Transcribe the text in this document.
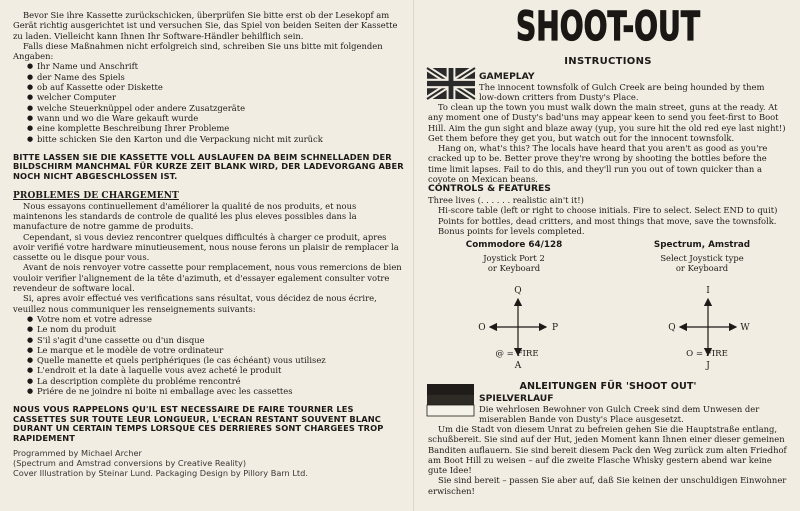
Bevor Sie ihre Kassette zurückschicken, überprüfen Sie bitte erst ob der Lesekopf am Gerät richtig ausgerichtet ist und versuchen Sie, das Spiel von beiden Seiten der Kassette zu laden. Vielleicht kann Ihnen Ihr Software-Händler behilflich sein.

Falls diese Maßnahmen nicht erfolgreich sind, schreiben Sie uns bitte mit folgenden Angaben:

● Ihr Name und Anschrift
● der Name des Spiels
● ob auf Kassette oder Diskette
● welcher Computer
● welche Steuerknüppel oder andere Zusatzgeräte
● wann und wo die Ware gekauft wurde
● eine komplette Beschreibung Ihrer Probleme
● bitte schicken Sie den Karton und die Verpackung nicht mit zurück

BITTE LASSEN SIE DIE KASSETTE VOLL AUSLAUFEN DA BEIM SCHNELLADEN DER BILDSCHIRM MANCHMAL FÜR KURZE ZEIT BLANK WIRD, DER LADEVORGANG ABER NOCH NICHT ABGESCHLOSSEN IST.

PROBLEMES DE CHARGEMENT

Nous essayons continuellement d'améliorer la qualité de nos produits, et nous maintenons les standards de controle de qualité les plus eleves possibles dans la manufacture de notre gamme de produits.

Cependant, si vous deviez rencontrer quelques difficultés à charger ce produit, apres avoir verifié votre hardware minutieusement, nous nouse ferons un plaisir de remplacer la cassette ou le disque pour vous.

Avant de nois renvoyer votre cassette pour remplacement, nous vous remercions de bien vouloir verifier l'alignement de la tête d'azimuth, et d'essayer egalement consulter votre revendeur de software local.

Si, apres avoir effectué ves verifications sans résultat, vous décidez de nous écrire, veuillez nous communiquer les renseignements suivants:

● Votre nom et votre adresse
● Le nom du produit
● S'il s'agit d'une cassette ou d'un disque
● Le marque et le modèle de votre ordinateur
● Quelle manette et quels periphériques (le cas échéant) vous utilisez
● L'endroit et la date à laquelle vous avez acheté le produit
● La description complète du probléme rencontré
● Priére de ne joindre ni boite ni emballage avec les cassettes

NOUS VOUS RAPPELONS QU'IL EST NECESSAIRE DE FAIRE TOURNER LES CASSETTES SUR TOUTE LEUR LONGUEUR, L'ECRAN RESTANT SOUVENT BLANC DURANT UN CERTAIN TEMPS LORSQUE CES DERRIERES SONT CHARGEES TROP RAPIDEMENT

Programmed by Michael Archer

(Spectrum and Amstrad conversions by Creative Reality)

Cover Illustration by Steinar Lund. Packaging Design by Pillory Barn Ltd.

SHOOT-OUT
INSTRUCTIONS
GAMEPLAY

The innocent townsfolk of Gulch Creek are being hounded by them low-down critters from Dusty's Place.

To clean up the town you must walk down the main street, guns at the ready. At any moment one of Dusty's bad'uns may appear keen to send you feet-first to Boot Hill. Aim the gun sight and blaze away (yup, you sure hit the old red eye last night!) Get them before they get you, but watch out for the innocent townsfolk.

Hang on, what's this? The locals have heard that you aren't as good as you're cracked up to be. Better prove they're wrong by shooting the bottles before the time limit lapses. Fail to do this, and they'll run you out of town quicker than a coyote on Mexican beans.

CONTROLS & FEATURES

Three lives (. . . . . . realistic ain't it!)

Hi-score table (left or right to choose initials. Fire to select. Select END to quit)

Points for bottles, dead critters, and most things that move, save the townsfolk.

Bonus points for levels completed.

Commodore 64/128
Joystick Port 2
or Keyboard
Spectrum, Amstrad
Select Joystick type
or Keyboard
Q
A
O	P
I
J
Q	W
@ = FIRE	O = FIRE
ANLEITUNGEN FÜR 'SHOOT OUT'
SPIELVERLAUF

Die wehrlosen Bewohner von Gulch Creek sind dem Unwesen der miserablen Bande von Dusty's Place ausgesetzt.

Um die Stadt von diesem Unrat zu befreien gehen Sie die Hauptstraße entlang, schußbereit. Sie sind auf der Hut, jeden Moment kann Ihnen einer dieser gemeinen Banditen auflauern. Sie sind bereit diesem Pack den Weg zurück zum alten Friedhof am Boot Hill zu weisen – auf die zweite Flasche Whisky gestern abend war keine gute Idee!

Sie sind bereit – passen Sie aber auf, daß Sie keinen der unschuldigen Einwohner erwischen!
